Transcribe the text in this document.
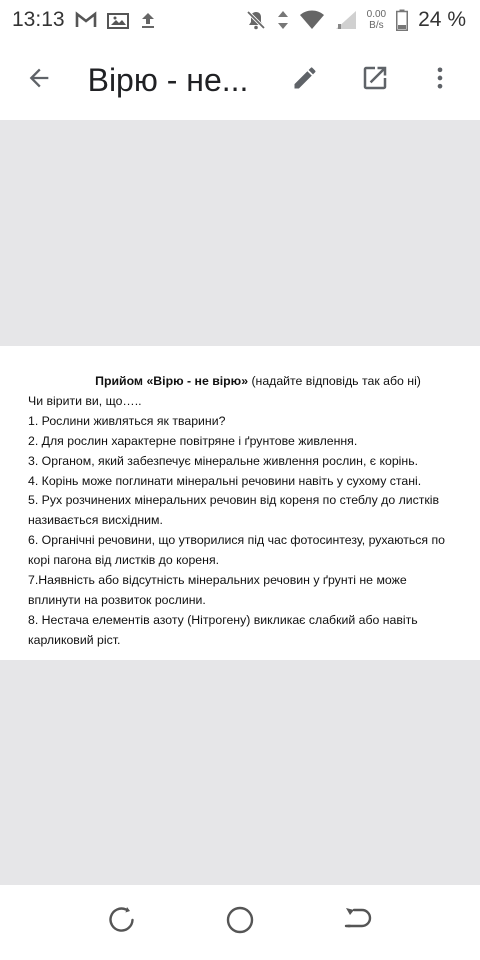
13:13	0.00
B/s 24 %
Вірю - не...
Прийом «Вірю - не вірю» (надайте відповідь так або ні)
Чи вірити ви, що…..
1. Рослини живляться як тварини?
2. Для рослин характерне повітряне і ґрунтове живлення.
3. Органом, який забезпечує мінеральне живлення рослин, є корінь.
4. Корінь може поглинати мінеральні речовини навіть у сухому стані.
5. Рух розчинених мінеральних речовин від кореня по стеблу до листків
називається висхідним.
6. Органічні речовини, що утворилися під час фотосинтезу, рухаються по
корі пагона від листків до кореня.
7.Наявність або відсутність мінеральних речовин у ґрунті не може
вплинути на розвиток рослини.
8. Нестача елементів азоту (Нітрогену) викликає слабкий або навіть
карликовий ріст.
